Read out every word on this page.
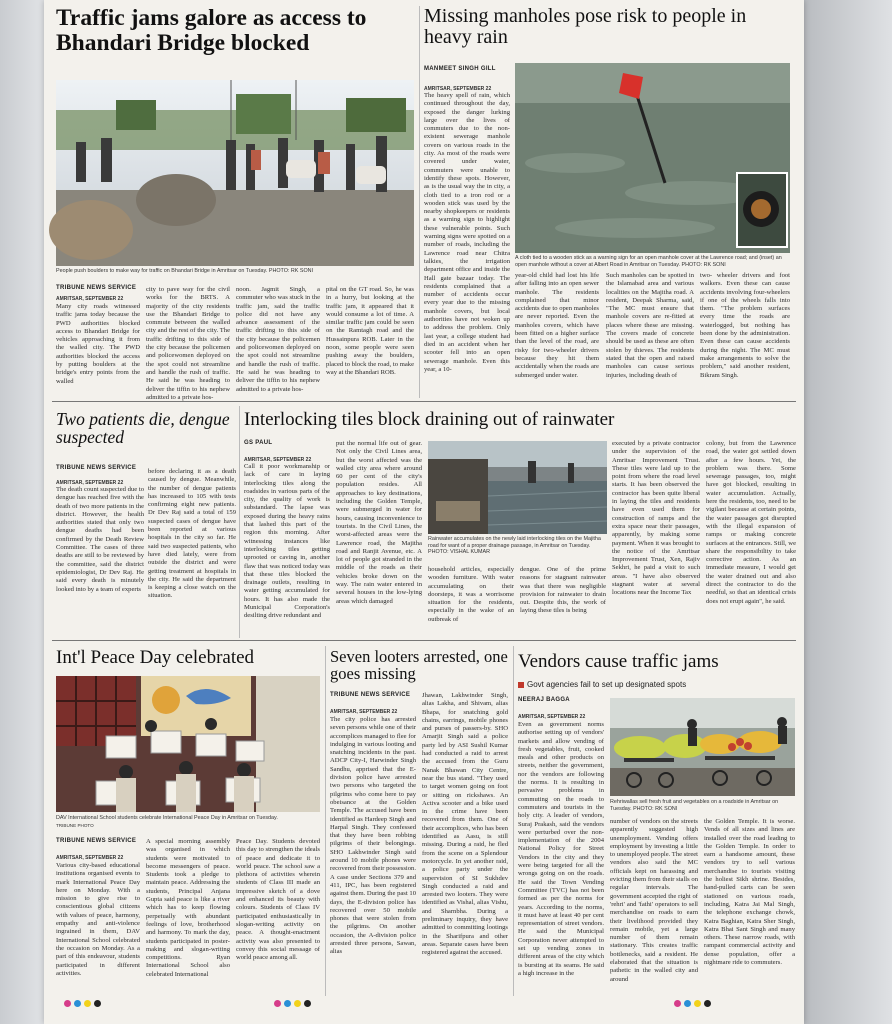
Traffic jams galore as access to Bhandari Bridge blocked
People push boulders to make way for traffic on Bhandari Bridge in Amritsar on Tuesday. PHOTO: RK SONI
TRIBUNE NEWS SERVICE
AMRITSAR, SEPTEMBER 22
Many city roads witnessed traffic jams today because the PWD authorities blocked access to Bhandari Bridge for vehicles approaching it from the walled city. The PWD authorities blocked the access by putting boulders at the bridge's entry points from the walled
city to pave way for the civil works for the BRTS. A majority of the city residents use the Bhandari Bridge to commute between the walled city and the rest of the city. The traffic drifting to this side of the city because the policemen and policewomen deployed on the spot could not streamline and handle the rush of traffic. He said he was heading to deliver the tiffin to his nephew admitted to a private hos-
noon. Jagmit Singh, a commuter who was stuck in the traffic jam, said the traffic police did not have any advance assessment of the traffic drifting to this side of the city because the policemen and policewomen deployed on the spot could not streamline and handle the rush of traffic. He said he was heading to deliver the tiffin to his nephew admitted to a private hos-
pital on the GT road. So, he was in a hurry, but looking at the traffic jam, it appeared that it would consume a lot of time. A similar traffic jam could be seen on the Ramtagh road and the Hussainpura ROB. Later in the noon, some people were seen pushing away the boulders, placed to block the road, to make way at the Bhandari ROB.
Missing manholes pose risk to people in heavy rain
MANMEET SINGH GILL
AMRITSAR, SEPTEMBER 22
The heavy spell of rain, which continued throughout the day, exposed the danger lurking large over the lives of commuters due to the non-existent sewerage manhole covers on various roads in the city. As most of the roads were covered under water, commuters were unable to identify these spots. However, as is the usual way the in city, a cloth tied to a iron rod or a wooden stick was used by the nearby shopkeepers or residents as a warning sign to highlight these vulnerable points. Such warning signs were spotted on a number of roads, including the Lawrence road near Chitra talkies, the irrigation department office and inside the Hall gate bazaar today. The residents complained that a number of accidents occur every year due to the missing manhole covers, but local authorities have not woken up to address the problem. Only last year, a college student had died in an accident when her scooter fell into an open sewerage manhole. Even this year, a 10-
A cloth tied to a wooden stick as a warning sign for an open manhole cover at the Lawrence road; and (inset) an open manhole without a cover at Albert Road in Amritsar on Tuesday. PHOTO: RK SONI
year-old child had lost his life after falling into an open sewer manhole. The residents complained that minor accidents due to open manholes are never reported. Even the manholes covers, which have been fitted on a higher surface than the level of the road, are risky for two-wheeler drivers because they hit them accidentally when the roads are submerged under water.
Such manholes can be spotted in the Islamabad area and various localities on the Majitha road. A resident, Deepak Sharma, said, "The MC must ensure that manhole covers are re-fitted at places where these are missing. The covers made of concrete should be used as these are often stolen by thieves. The residents stated that the open and raised manholes can cause serious injuries, including death of
two- wheeler drivers and foot walkers. Even these can cause accidents involving four-wheelers if one of the wheels falls into them. "The problem surfaces every time the roads are waterlogged, but nothing has been done by the administration. Even these can cause accidents during the night. The MC must make arrangements to solve the problem," said another resident, Bikram Singh.
Two patients die, dengue suspected
TRIBUNE NEWS SERVICE
AMRITSAR, SEPTEMBER 22
The death count suspected due to dengue has reached five with the death of two more patients in the district. However, the health authorities stated that only two dengue deaths had been confirmed by the Death Review Committee. The cases of three deaths are still to be reviewed by the committee, said the district epidemiologist, Dr Dev Raj. He said every death is minutely looked into by a team of experts
before declaring it as a death caused by dengue. Meanwhile, the number of dengue patients has increased to 105 with tests confirming eight new patients. Dr Dev Raj said a total of 159 suspected cases of dengue have been reported at various hospitals in the city so far. He said two suspected patients, who have died lately, were from outside the district and were getting treatment at hospitals in the city. He said the department is keeping a close watch on the situation.
Interlocking tiles block draining out of rainwater
GS PAUL
AMRITSAR, SEPTEMBER 22
Call it poor workmanship or lack of care in laying interlocking tiles along the roadsides in various parts of the city, the quality of work is substandard. The lapse was exposed during the heavy rains that lashed this part of the region this morning. After witnessing instances like interlocking tiles getting uprooted or caving in, another flaw that was noticed today was that these tiles blocked the drainage outlets, resulting in water getting accumulated for hours. It has also made the Municipal Corporation's desilting drive redundant and
put the normal life out of gear. Not only the Civil Lines area, but the worst affected was the walled city area where around 60 per cent of the city's population resides. All approaches to key destinations, including the Golden Temple, were submerged in water for hours, causing inconvenience to tourists. In the Civil Lines, the worst-affected areas were the Lawrence road, the Majitha road and Ranjit Avenue, etc. A lot of people got stranded in the middle of the roads as their vehicles broke down on the way. The rain water entered in several houses in the low-lying areas which damaged
Rainwater accumulates on the newly laid interlocking tiles on the Majitha road for want of a proper drainage passage, in Amritsar on Tuesday. PHOTO: VISHAL KUMAR
household articles, especially wooden furniture. With water accumulating on their doorsteps, it was a worrisome situation for the residents, especially in the wake of an outbreak of
dengue. One of the prime reasons for stagnant rainwater was that there was negligible provision for rainwater to drain out. Despite this, the work of laying these tiles is being
executed by a private contractor under the supervision of the Amritsar Improvement Trust. These tiles were laid up to the point from where the road level starts. It has been observed the contractor has been quite liberal in laying the tiles and residents have even used them for construction of ramps and the extra space near their passages, apparently, by making some payment. When it was brought to the notice of the Amritsar Improvement Trust, Xen, Rajiv Sekhri, he paid a visit to such areas. "I have also observed stagnant water at several locations near the Income Tax
colony, but from the Lawrence road, the water got settled down after a few hours. Yet, the problem was there. Some sewerage passages, too, might have got blocked, resulting in water accumulation. Actually, here the residents, too, need to be vigilant because at certain points, the water passages got disrupted with the illegal expansion of ramps or making concrete surfaces at the entrances. Still, we share the responsibility to take corrective action. As an immediate measure, I would get the water drained out and also direct the contractor to do the needful, so that an identical crisis does not erupt again", he said.
Int'l Peace Day celebrated
DAV International School students celebrate International Peace Day in Amritsar on Tuesday.
TRIBUNE PHOTO
TRIBUNE NEWS SERVICE
AMRITSAR, SEPTEMBER 22
Various city-based educational institutions organised events to mark International Peace Day here on Monday. With a mission to give rise to conscientious global citizens with values of peace, harmony, empathy and anti-violence ingrained in them, DAV International School celebrated the occasion on Monday. As a part of this endeavour, students participated in different activities.
A special morning assembly was organised in which students were motivated to become messengers of peace. Students took a pledge to maintain peace. Addressing the students, Principal Anjana Gupta said peace is like a river which has to keep flowing perpetually with abundant feelings of love, brotherhood and harmony. To mark the day, students participated in poster-making and slogan-writing competitions. Ryan International School also celebrated International
Peace Day. Students devoted this day to strengthen the ideals of peace and dedicate it to world peace. The school saw a plethora of activities wherein students of Class III made an impressive sketch of a dove and enhanced its beauty with colours. Students of Class IV participated enthusiastically in slogan-writing activity on peace. A thought-enactment activity was also presented to convey this social message of world peace among all.
Seven looters arrested, one goes missing
TRIBUNE NEWS SERVICE
AMRITSAR, SEPTEMBER 22
The city police has arrested seven persons while one of their accomplices managed to flee for indulging in various looting and snatching incidents in the past. ADCP City-I, Harwinder Singh Sandhu, apprised that the E-division police have arrested two persons who targeted the pilgrims who come here to pay obeisance at the Golden Temple. The accused have been identified as Hardeep Singh and Harpal Singh. They confessed that they have been robbing pilgrims of their belongings. SHO Lakhwinder Singh said around 10 mobile phones were recovered from their possession. A case under Sections 379 and 411, IPC, has been registered against them. During the past 10 days, the E-division police has recovered over 50 mobile phones that were stolen from the pilgrims. On another occasion, the A-division police arrested three persons, Sawan, alias
Jhawan, Lakhwinder Singh, alias Lakha, and Shivam, alias Bhapa, for snatching gold chains, earrings, mobile phones and purses of passers-by. SHO Amarjit Singh said a police party led by ASI Sushil Kumar had conducted a raid to arrest the accused from the Guru Nanak Bhawan City Centre, near the bus stand. "They used to target women going on foot or sitting on rickshaws. An Activa scooter and a bike used in the crime have been recovered from them. One of their accomplices, who has been identified as Aasu, is still missing. During a raid, he fled from the scene on a Splendour motorcycle. In yet another raid, a police party under the supervision of SI Sukhdev Singh conducted a raid and arrested two looters. They were identified as Vishal, alias Vishu, and Sharnbha. During a preliminary inquiry, they have admitted to committing lootings in the Sharifpura and other areas. Separate cases have been registered against the accused.
Vendors cause traffic jams
Govt agencies fail to set up designated spots
NEERAJ BAGGA
AMRITSAR, SEPTEMBER 22
Even as government norms authorise setting up of vendors' markets and allow vending of fresh vegetables, fruit, cooked meals and other products on streets, neither the government, nor the vendors are following the norms. It is resulting in pervasive problems in commuting on the roads to commuters and tourists in the holy city. A leader of vendors, Suraj Prakash, said the vendors were perturbed over the non-implementation of the 2004 National Policy for Street Vendors in the city and they were being targeted for all the wrongs going on on the roads. He said the Town Vending Committee (TVC) has not been formed as per the norms for years. According to the norms, it must have at least 40 per cent representation of street vendors. He said the Municipal Corporation never attempted to set up vending zones in different areas of the city which is bursting at its seams. He said a high increase in the
Rehriwallas sell fresh fruit and vegetables on a roadside in Amritsar on Tuesday. PHOTO: RK SONI
number of vendors on the streets apparently suggested high unemployment. Vending offers employment by investing a little to unemployed people. The street vendors also said the MC officials kept on harassing and evicting them from their stalls on regular intervals. The government accepted the right of 'rehri' and 'fathi' operators to sell merchandise on roads to earn their livelihood provided they remain mobile, yet a large number of them remain stationary. This creates traffic bottlenecks, said a resident. He elaborated that the situation is pathetic in the walled city and around
the Golden Temple. It is worse. Vends of all sizes and lines are installed over the road leading to the Golden Temple. In order to earn a handsome amount, these vendors try to sell various merchandise to tourists visiting the holiest Sikh shrine. Besides, hand-pulled carts can be seen stationed on various roads, including, Katra Jai Mal Singh, the telephone exchange chowk, Katra Baghian, Katra Sher Singh, Katra Bhai Sant Singh and many others. These narrow roads, with rampant commercial activity and dense population, offer a nightmare ride to commuters.
